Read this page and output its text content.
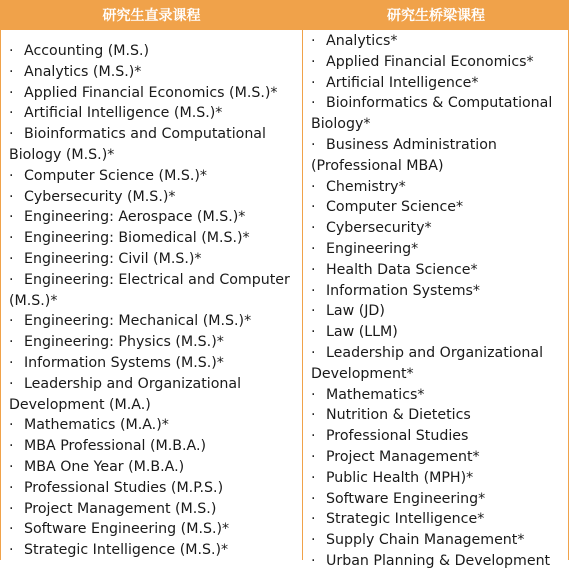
研究生直录课程	研究生桥梁课程
· Accounting (M.S.)
· Analytics (M.S.)*
· Applied Financial Economics (M.S.)*
· Artificial Intelligence (M.S.)*
· Bioinformatics and Computational Biology (M.S.)*
· Computer Science (M.S.)*
· Cybersecurity (M.S.)*
· Engineering: Aerospace (M.S.)*
· Engineering: Biomedical (M.S.)*
· Engineering: Civil (M.S.)*
· Engineering: Electrical and Computer (M.S.)*
· Engineering: Mechanical (M.S.)*
· Engineering: Physics (M.S.)*
· Information Systems (M.S.)*
· Leadership and Organizational Development (M.A.)
· Mathematics (M.A.)*
· MBA Professional (M.B.A.)
· MBA One Year (M.B.A.)
· Professional Studies (M.P.S.)
· Project Management (M.S.)
· Software Engineering (M.S.)*
· Strategic Intelligence (M.S.)*
· Analytics*
· Applied Financial Economics*
· Artificial Intelligence*
· Bioinformatics & Computational Biology*
· Business Administration (Professional MBA)
· Chemistry*
· Computer Science*
· Cybersecurity*
· Engineering*
· Health Data Science*
· Information Systems*
· Law (JD)
· Law (LLM)
· Leadership and Organizational Development*
· Mathematics*
· Nutrition & Dietetics
· Professional Studies
· Project Management*
· Public Health (MPH)*
· Software Engineering*
· Strategic Intelligence*
· Supply Chain Management*
· Urban Planning & Development
